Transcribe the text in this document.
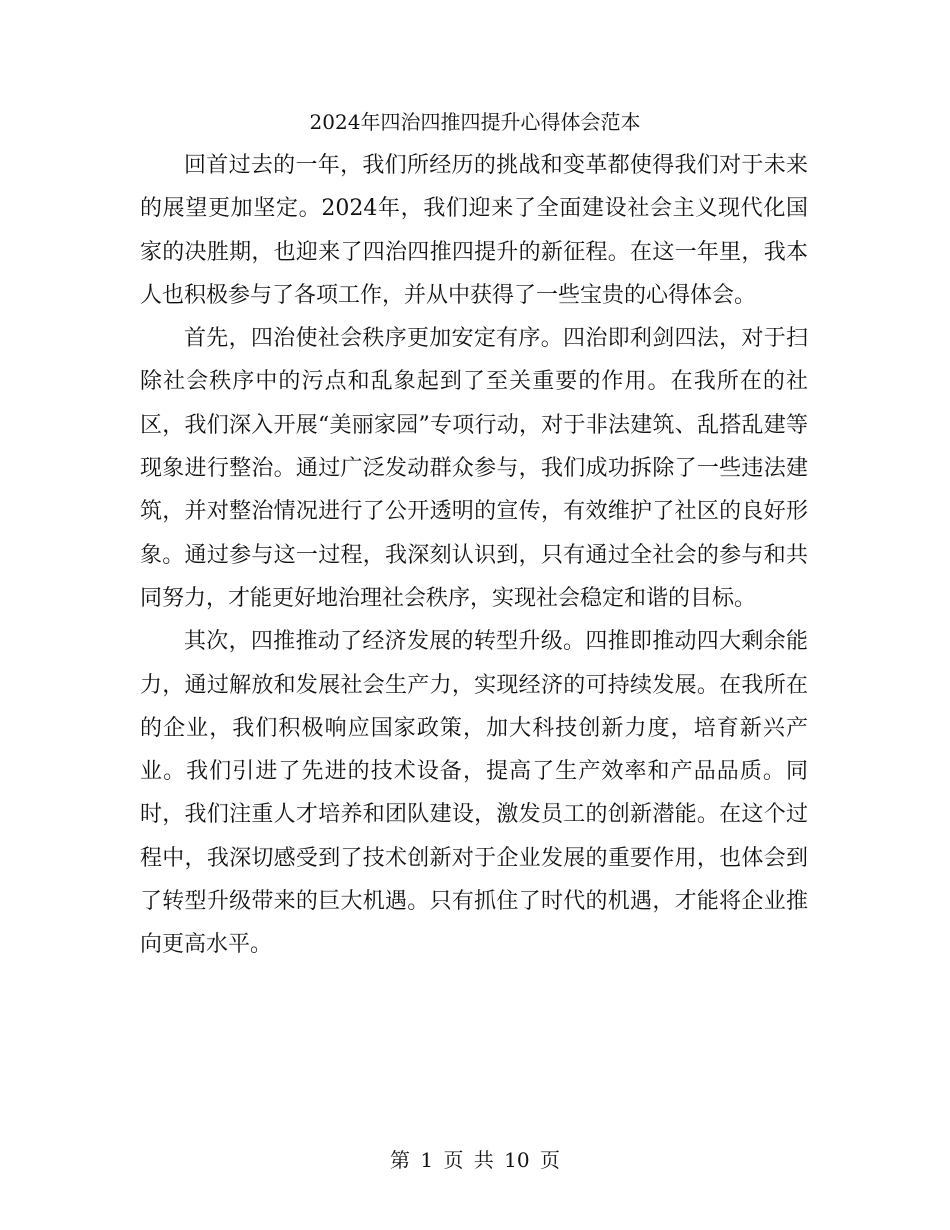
2024年四治四推四提升心得体会范本

回首过去的一年，我们所经历的挑战和变革都使得我们对于未来的展望更加坚定。2024年，我们迎来了全面建设社会主义现代化国家的决胜期，也迎来了四治四推四提升的新征程。在这一年里，我本人也积极参与了各项工作，并从中获得了一些宝贵的心得体会。

首先，四治使社会秩序更加安定有序。四治即利剑四法，对于扫除社会秩序中的污点和乱象起到了至关重要的作用。在我所在的社区，我们深入开展“美丽家园”专项行动，对于非法建筑、乱搭乱建等现象进行整治。通过广泛发动群众参与，我们成功拆除了一些违法建筑，并对整治情况进行了公开透明的宣传，有效维护了社区的良好形象。通过参与这一过程，我深刻认识到，只有通过全社会的参与和共同努力，才能更好地治理社会秩序，实现社会稳定和谐的目标。

其次，四推推动了经济发展的转型升级。四推即推动四大剩余能力，通过解放和发展社会生产力，实现经济的可持续发展。在我所在的企业，我们积极响应国家政策，加大科技创新力度，培育新兴产业。我们引进了先进的技术设备，提高了生产效率和产品品质。同时，我们注重人才培养和团队建设，激发员工的创新潜能。在这个过程中，我深切感受到了技术创新对于企业发展的重要作用，也体会到了转型升级带来的巨大机遇。只有抓住了时代的机遇，才能将企业推向更高水平。

第 1 页 共 10 页
